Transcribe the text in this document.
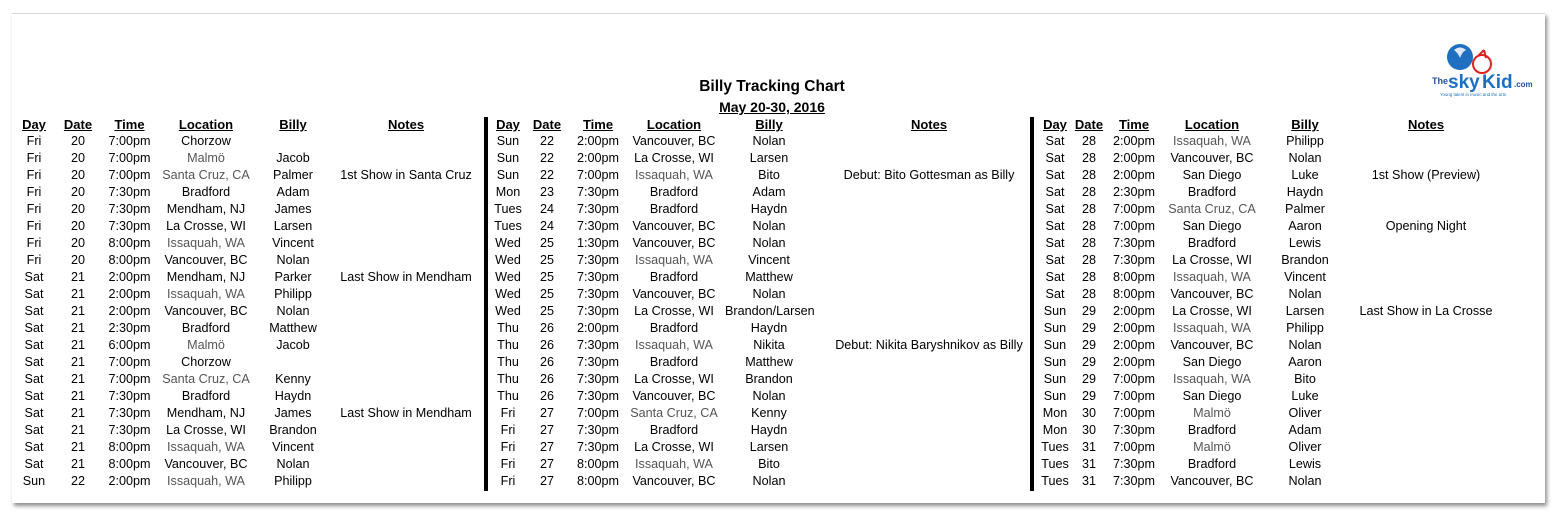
Billy Tracking Chart
May 20-30, 2016
The sky Kid .com
Young talent in music and the arts
Day	Date	Time	Location	Billy	Notes
Fri	20	7:00pm	Chorzow
Fri	20	7:00pm	Malmö	Jacob
Fri	20	7:00pm Santa Cruz, CA	Palmer	1st Show in Santa Cruz
Fri	20	7:30pm	Bradford	Adam
Fri	20	7:30pm	Mendham, NJ	James
Fri	20	7:30pm	La Crosse, WI	Larsen
Fri	20	8:00pm	Issaquah, WA	Vincent
Fri	20	8:00pm	Vancouver, BC	Nolan
Sat	21	2:00pm	Mendham, NJ	Parker	Last Show in Mendham
Sat	21	2:00pm	Issaquah, WA	Philipp
Sat	21	2:00pm	Vancouver, BC	Nolan
Sat	21	2:30pm	Bradford	Matthew
Sat	21	6:00pm	Malmö	Jacob
Sat	21	7:00pm	Chorzow
Sat	21	7:00pm Santa Cruz, CA	Kenny
Sat	21	7:30pm	Bradford	Haydn
Sat	21	7:30pm	Mendham, NJ	James	Last Show in Mendham
Sat	21	7:30pm	La Crosse, WI	Brandon
Sat	21	8:00pm	Issaquah, WA	Vincent
Sat	21	8:00pm	Vancouver, BC	Nolan
Sun	22	2:00pm	Issaquah, WA	Philipp
Day Date	Time	Location	Billy	Notes
Sun	22	2:00pm	Vancouver, BC	Nolan
Sun	22	2:00pm	La Crosse, WI	Larsen
Sun	22	7:00pm	Issaquah, WA	Bito	Debut: Bito Gottesman as Billy
Mon	23	7:30pm	Bradford	Adam
Tues	24	7:30pm	Bradford	Haydn
Tues	24	7:30pm	Vancouver, BC	Nolan
Wed	25	1:30pm	Vancouver, BC	Nolan
Wed	25	7:30pm	Issaquah, WA	Vincent
Wed	25	7:30pm	Bradford	Matthew
Wed	25	7:30pm	Vancouver, BC	Nolan
Wed	25	7:30pm	La Crosse, WI Brandon/Larsen
Thu	26	2:00pm	Bradford	Haydn
Thu	26	7:30pm	Issaquah, WA	Nikita	Debut: Nikita Baryshnikov as Billy
Thu	26	7:30pm	Bradford	Matthew
Thu	26	7:30pm	La Crosse, WI	Brandon
Thu	26	7:30pm	Vancouver, BC	Nolan
Fri	27	7:00pm Santa Cruz, CA	Kenny
Fri	27	7:30pm	Bradford	Haydn
Fri	27	7:30pm	La Crosse, WI	Larsen
Fri	27	8:00pm	Issaquah, WA	Bito
Fri	27	8:00pm	Vancouver, BC	Nolan
Day Date	Time	Location	Billy	Notes
Sat	28	2:00pm	Issaquah, WA	Philipp
Sat	28	2:00pm	Vancouver, BC	Nolan
Sat	28	2:00pm	San Diego	Luke	1st Show (Preview)
Sat	28	2:30pm	Bradford	Haydn
Sat	28	7:00pm	Santa Cruz, CA	Palmer
Sat	28	7:00pm	San Diego	Aaron	Opening Night
Sat	28	7:30pm	Bradford	Lewis
Sat	28	7:30pm	La Crosse, WI	Brandon
Sat	28	8:00pm	Issaquah, WA	Vincent
Sat	28	8:00pm	Vancouver, BC	Nolan
Sun	29	2:00pm	La Crosse, WI	Larsen	Last Show in La Crosse
Sun	29	2:00pm	Issaquah, WA	Philipp
Sun	29	2:00pm	Vancouver, BC	Nolan
Sun	29	2:00pm	San Diego	Aaron
Sun	29	7:00pm	Issaquah, WA	Bito
Sun	29	7:00pm	San Diego	Luke
Mon	30	7:00pm	Malmö	Oliver
Mon	30	7:30pm	Bradford	Adam
Tues	31	7:00pm	Malmö	Oliver
Tues	31	7:30pm	Bradford	Lewis
Tues	31	7:30pm	Vancouver, BC	Nolan
